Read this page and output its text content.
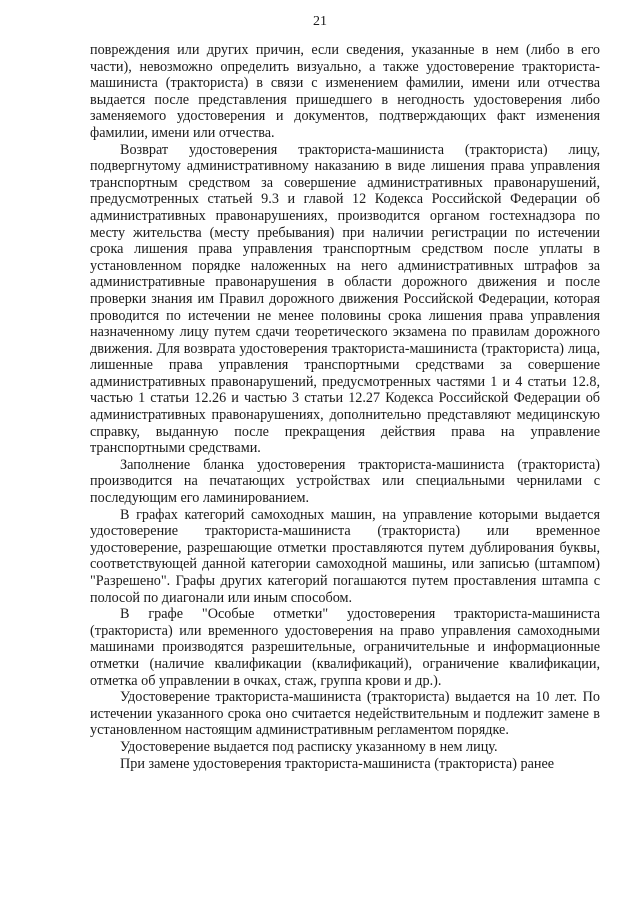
21

повреждения или других причин, если сведения, указанные в нем (либо в его части), невозможно определить визуально, а также удостоверение тракториста-машиниста (тракториста) в связи с изменением фамилии, имени или отчества выдается после представления пришедшего в негодность удостоверения либо заменяемого удостоверения и документов, подтверждающих факт изменения фамилии, имени или отчества.

Возврат удостоверения тракториста-машиниста (тракториста) лицу, подвергнутому административному наказанию в виде лишения права управления транспортным средством за совершение административных правонарушений, предусмотренных статьей 9.3 и главой 12 Кодекса Российской Федерации об административных правонарушениях, производится органом гостехнадзора по месту жительства (месту пребывания) при наличии регистрации по истечении срока лишения права управления транспортным средством после уплаты в установленном порядке наложенных на него административных штрафов за административные правонарушения в области дорожного движения и после проверки знания им Правил дорожного движения Российской Федерации, которая проводится по истечении не менее половины срока лишения права управления назначенному лицу путем сдачи теоретического экзамена по правилам дорожного движения. Для возврата удостоверения тракториста-машиниста (тракториста) лица, лишенные права управления транспортными средствами за совершение административных правонарушений, предусмотренных частями 1 и 4 статьи 12.8, частью 1 статьи 12.26 и частью 3 статьи 12.27 Кодекса Российской Федерации об административных правонарушениях, дополнительно представляют медицинскую справку, выданную после прекращения действия права на управление транспортными средствами.

Заполнение бланка удостоверения тракториста-машиниста (тракториста) производится на печатающих устройствах или специальными чернилами с последующим его ламинированием.

В графах категорий самоходных машин, на управление которыми выдается удостоверение тракториста-машиниста (тракториста) или временное удостоверение, разрешающие отметки проставляются путем дублирования буквы, соответствующей данной категории самоходной машины, или записью (штампом) "Разрешено". Графы других категорий погашаются путем проставления штампа с полосой по диагонали или иным способом.

В графе "Особые отметки" удостоверения тракториста-машиниста (тракториста) или временного удостоверения на право управления самоходными машинами производятся разрешительные, ограничительные и информационные отметки (наличие квалификации (квалификаций), ограничение квалификации, отметка об управлении в очках, стаж, группа крови и др.).

Удостоверение тракториста-машиниста (тракториста) выдается на 10 лет. По истечении указанного срока оно считается недействительным и подлежит замене в установленном настоящим административным регламентом порядке.

Удостоверение выдается под расписку указанному в нем лицу.

При замене удостоверения тракториста-машиниста (тракториста) ранее
